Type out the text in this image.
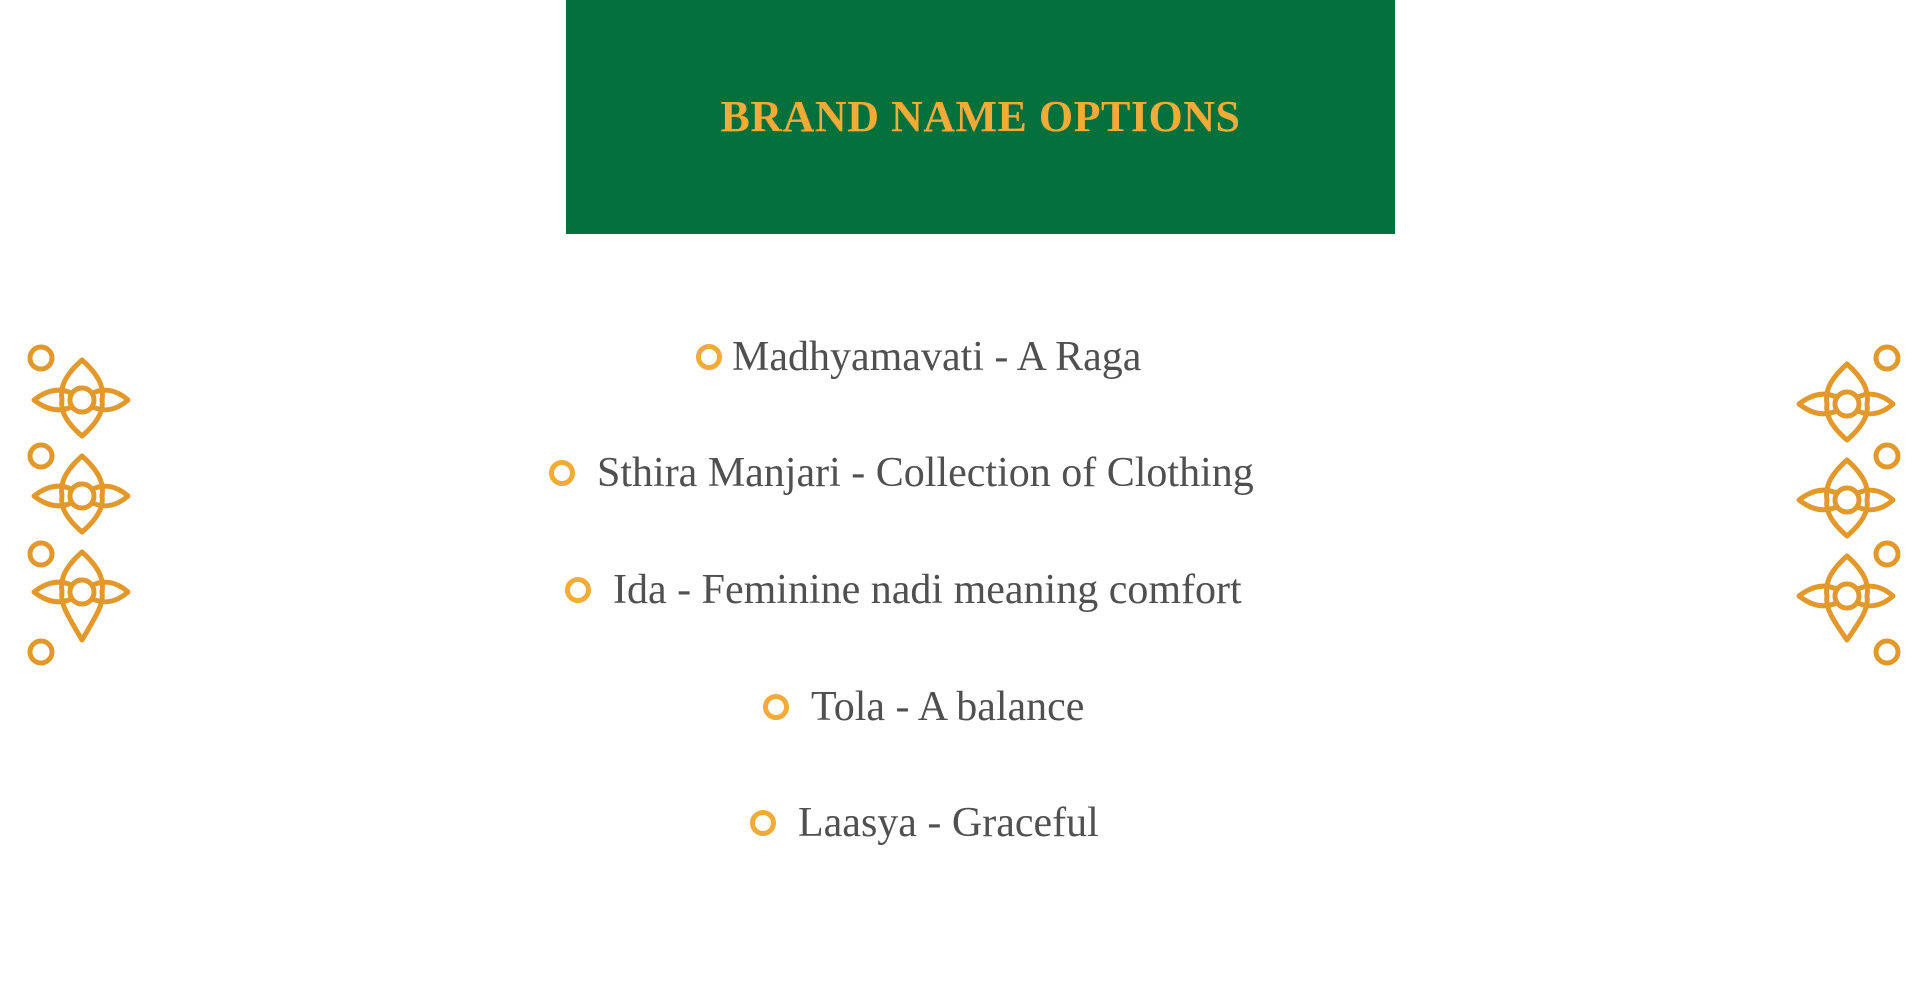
BRAND NAME OPTIONS
Madhyamavati - A Raga
Sthira Manjari - Collection of Clothing
Ida - Feminine nadi meaning comfort
Tola - A balance
Laasya - Graceful
